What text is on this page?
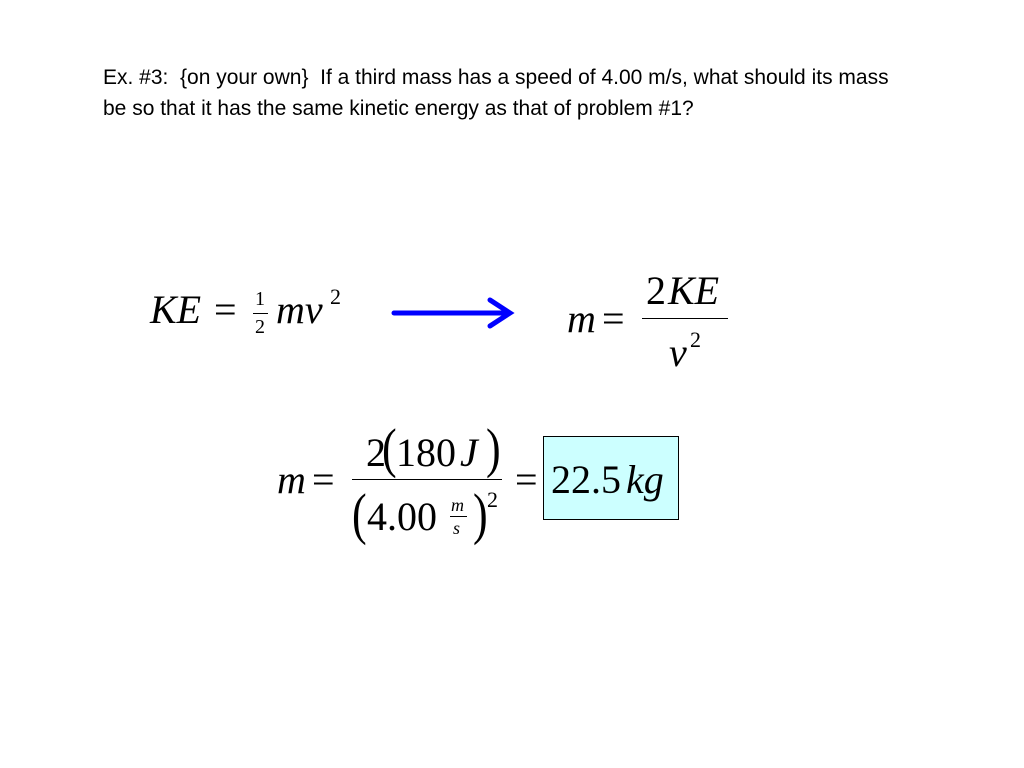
Ex. #3:  {on your own}  If a third mass has a speed of 4.00 m/s, what should its mass be so that it has the same kinetic energy as that of problem #1?
KE = 1
2 mv 2	m =
2 KE
v 2
m =
2
( 180 J )
( 4.00 m
s ) 2 = 22.5 kg
